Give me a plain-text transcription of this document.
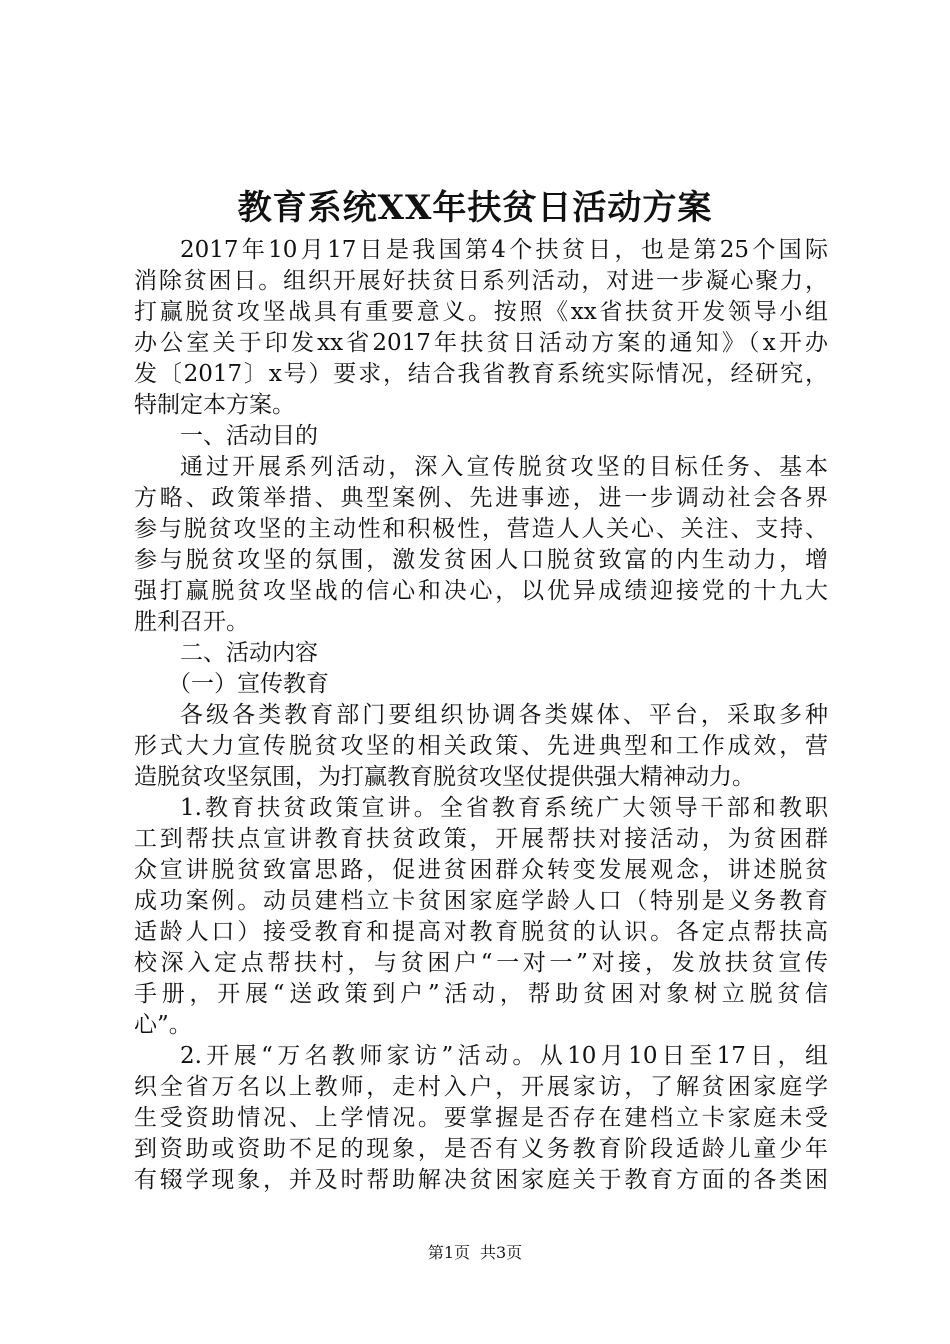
教育系统XX年扶贫日活动方案
2017年10月17日是我国第4个扶贫日，也是第25个国际
消除贫困日。组织开展好扶贫日系列活动，对进一步凝心聚力，
打赢脱贫攻坚战具有重要意义。按照《xx省扶贫开发领导小组
办公室关于印发xx省2017年扶贫日活动方案的通知》（x开办
发〔2017〕x号）要求，结合我省教育系统实际情况，经研究，
特制定本方案。
一、活动目的
通过开展系列活动，深入宣传脱贫攻坚的目标任务、基本
方略、政策举措、典型案例、先进事迹，进一步调动社会各界
参与脱贫攻坚的主动性和积极性，营造人人关心、关注、支持、
参与脱贫攻坚的氛围，激发贫困人口脱贫致富的内生动力，增
强打赢脱贫攻坚战的信心和决心，以优异成绩迎接党的十九大
胜利召开。
二、活动内容
（一）宣传教育
各级各类教育部门要组织协调各类媒体、平台，采取多种
形式大力宣传脱贫攻坚的相关政策、先进典型和工作成效，营
造脱贫攻坚氛围，为打赢教育脱贫攻坚仗提供强大精神动力。
1.教育扶贫政策宣讲。全省教育系统广大领导干部和教职
工到帮扶点宣讲教育扶贫政策，开展帮扶对接活动，为贫困群
众宣讲脱贫致富思路，促进贫困群众转变发展观念，讲述脱贫
成功案例。动员建档立卡贫困家庭学龄人口（特别是义务教育
适龄人口）接受教育和提高对教育脱贫的认识。各定点帮扶高
校深入定点帮扶村，与贫困户“一对一”对接，发放扶贫宣传
手册，开展“送政策到户”活动，帮助贫困对象树立脱贫信
心”。
2.开展“万名教师家访”活动。从10月10日至17日，组
织全省万名以上教师，走村入户，开展家访，了解贫困家庭学
生受资助情况、上学情况。要掌握是否存在建档立卡家庭未受
到资助或资助不足的现象，是否有义务教育阶段适龄儿童少年
有辍学现象，并及时帮助解决贫困家庭关于教育方面的各类困
第1页 共3页
